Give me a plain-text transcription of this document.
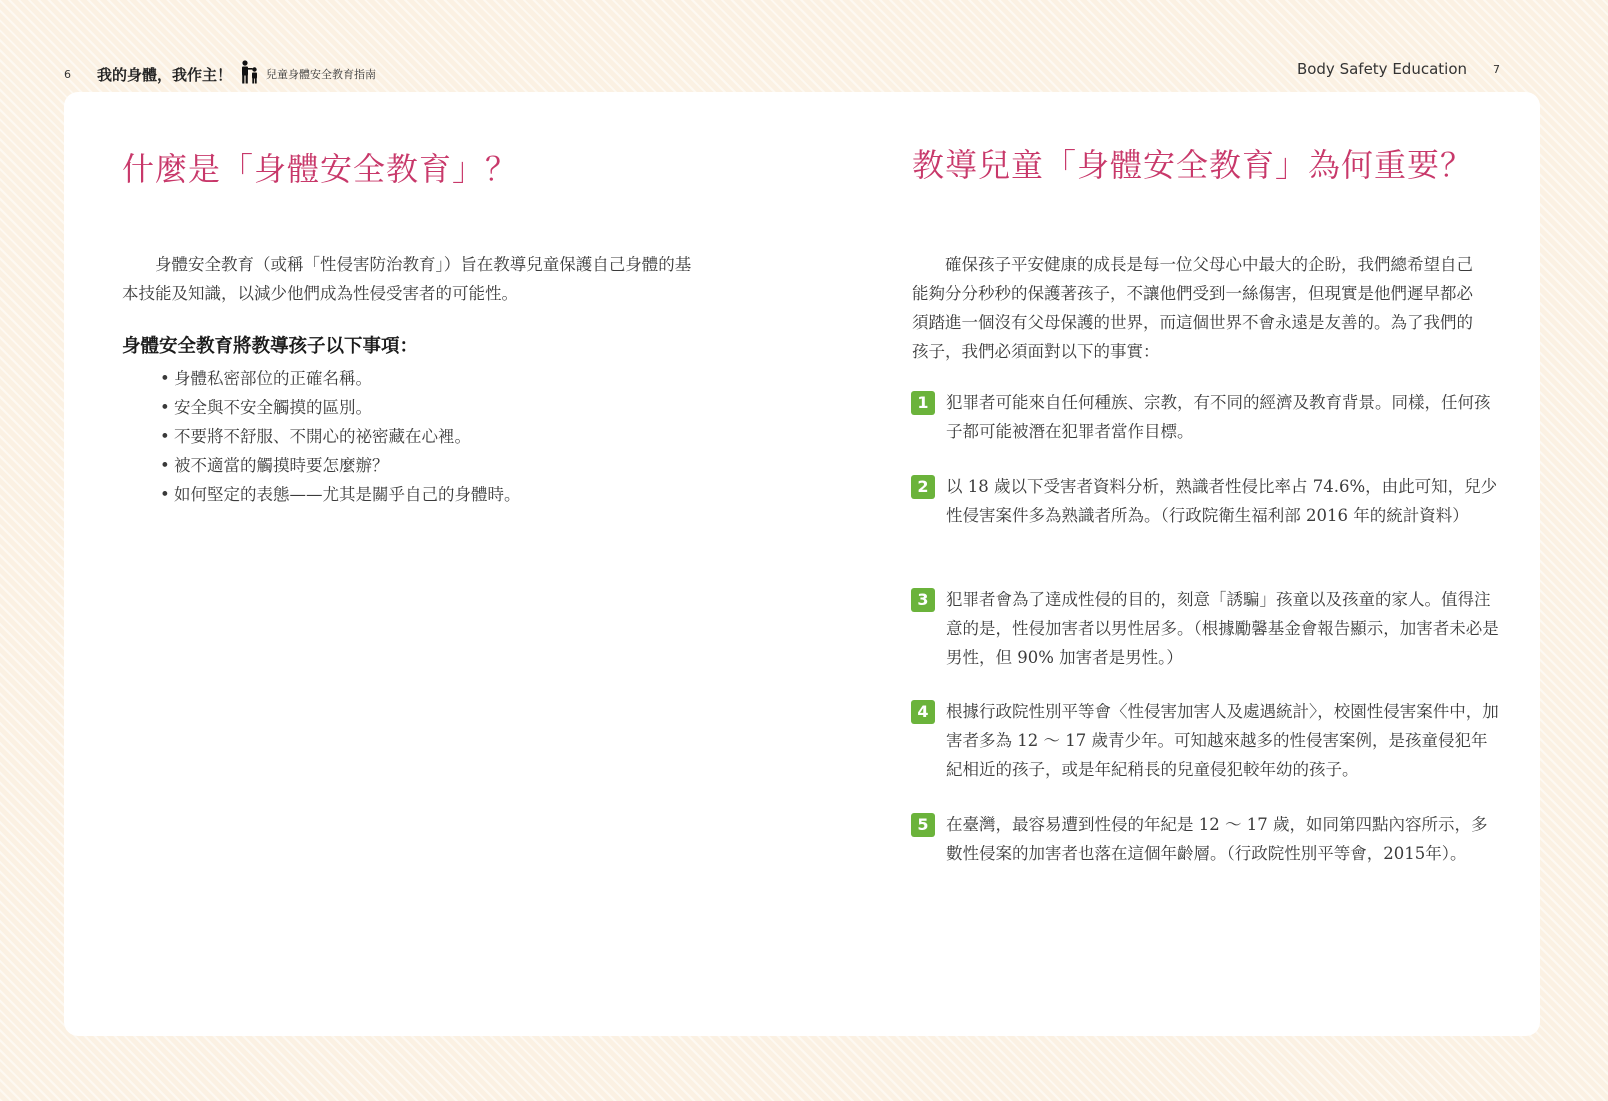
6 我的身體，我作主！	兒童身體安全教育指南	Body Safety Education 7
什麼是「身體安全教育」？

身體安全教育（或稱「性侵害防治教育」）旨在教導兒童保護自己身體的基本技能及知識，以減少他們成為性侵受害者的可能性。

身體安全教育將教導孩子以下事項：
• 身體私密部位的正確名稱。
• 安全與不安全觸摸的區別。
• 不要將不舒服、不開心的祕密藏在心裡。
• 被不適當的觸摸時要怎麼辦？
• 如何堅定的表態——尤其是關乎自己的身體時。
教導兒童「身體安全教育」為何重要？

確保孩子平安健康的成長是每一位父母心中最大的企盼，我們總希望自己能夠分分秒秒的保護著孩子，不讓他們受到一絲傷害，但現實是他們遲早都必須踏進一個沒有父母保護的世界，而這個世界不會永遠是友善的。為了我們的孩子，我們必須面對以下的事實：

1	犯罪者可能來自任何種族、宗教，有不同的經濟及教育背景。同樣，任何孩子都可能被潛在犯罪者當作目標。
2	以 18 歲以下受害者資料分析，熟識者性侵比率占 74.6%，由此可知，兒少性侵害案件多為熟識者所為。（行政院衛生福利部 2016 年的統計資料）
3	犯罪者會為了達成性侵的目的，刻意「誘騙」孩童以及孩童的家人。值得注意的是，性侵加害者以男性居多。（根據勵馨基金會報告顯示，加害者未必是男性，但 90% 加害者是男性。）
4	根據行政院性別平等會〈性侵害加害人及處遇統計〉，校園性侵害案件中，加害者多為 12 ～ 17 歲青少年。可知越來越多的性侵害案例，是孩童侵犯年紀相近的孩子，或是年紀稍長的兒童侵犯較年幼的孩子。
5	在臺灣，最容易遭到性侵的年紀是 12 ～ 17 歲，如同第四點內容所示，多數性侵案的加害者也落在這個年齡層。（行政院性別平等會，2015年）。
